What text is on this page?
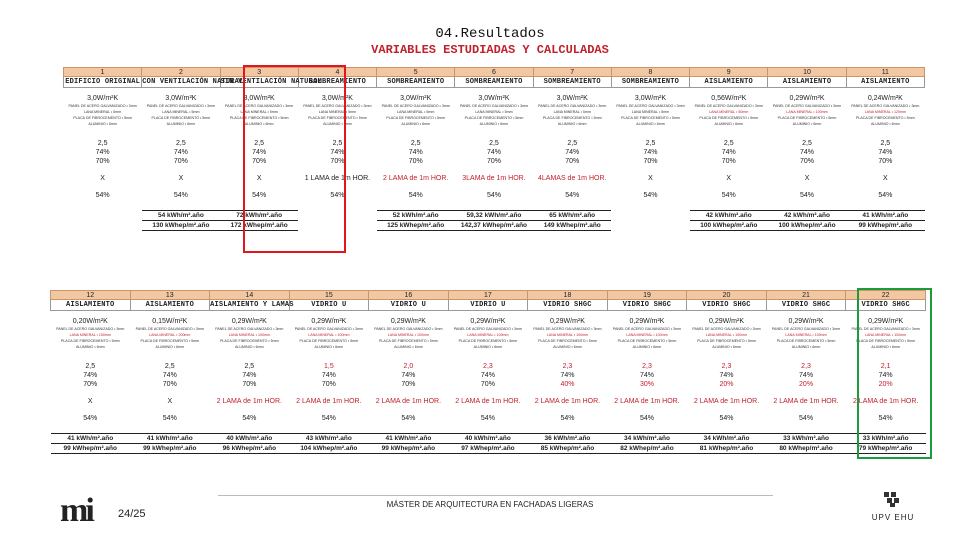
04.Resultados
VARIABLES ESTUDIADAS Y CALCULADAS
1	2	3	4	5	6	7	8	9	10	11
EDIFICIO ORIGINAL	CON VENTILACIÓN NATURAL	SIN VENTILACIÓN NATURAL	SOMBREAMIENTO	SOMBREAMIENTO	SOMBREAMIENTO	SOMBREAMIENTO	SOMBREAMIENTO	AISLAMIENTO	AISLAMIENTO	AISLAMIENTO

3,0W/m²K	3,0W/m²K	3,0W/m²K	3,0W/m²K	3,0W/m²K	3,0W/m²K	3,0W/m²K	3,0W/m²K	0,56W/m²K	0,29W/m²K	0,24W/m²K
PANEL DE ACERO GALVANIZADO • 3mm	PANEL DE ACERO GALVANIZADO • 3mm	PANEL DE ACERO GALVANIZADO • 3mm	PANEL DE ACERO GALVANIZADO • 3mm	PANEL DE ACERO GALVANIZADO • 3mm	PANEL DE ACERO GALVANIZADO • 3mm	PANEL DE ACERO GALVANIZADO • 3mm	PANEL DE ACERO GALVANIZADO • 3mm	PANEL DE ACERO GALVANIZADO • 3mm	PANEL DE ACERO GALVANIZADO • 3mm	PANEL DE ACERO GALVANIZADO • 3mm
LANA MINERAL • 5mm	LANA MINERAL • 5mm	LANA MINERAL • 5mm	LANA MINERAL • 5mm	LANA MINERAL • 5mm	LANA MINERAL • 5mm	LANA MINERAL • 5mm	LANA MINERAL • 5mm	LANA MINERAL • 50mm	LANA MINERAL • 100mm	LANA MINERAL • 120mm
PLACA DE FIBROCEMENTO • 5mm	PLACA DE FIBROCEMENTO • 5mm	PLACA DE FIBROCEMENTO • 5mm	PLACA DE FIBROCEMENTO • 5mm	PLACA DE FIBROCEMENTO • 5mm	PLACA DE FIBROCEMENTO • 5mm	PLACA DE FIBROCEMENTO • 5mm	PLACA DE FIBROCEMENTO • 5mm	PLACA DE FIBROCEMENTO • 5mm	PLACA DE FIBROCEMENTO • 5mm	PLACA DE FIBROCEMENTO • 5mm
ALUMINIO • 6mm	ALUMINIO • 6mm	ALUMINIO • 6mm	ALUMINIO • 6mm	ALUMINIO • 6mm	ALUMINIO • 6mm	ALUMINIO • 6mm	ALUMINIO • 6mm	ALUMINIO • 6mm	ALUMINIO • 6mm	ALUMINIO • 6mm

2,5	2,5	2,5	2,5	2,5	2,5	2,5	2,5	2,5	2,5	2,5
74%	74%	74%	74%	74%	74%	74%	74%	74%	74%	74%
70%	70%	70%	70%	70%	70%	70%	70%	70%	70%	70%

X	X	X	1 LAMA de 1m HOR.	2 LAMA de 1m HOR.	3LAMA de 1m HOR.	4LAMAS de 1m HOR.	X	X	X	X

54%	54%	54%	54%	54%	54%	54%	54%	54%	54%	54%

	54 kWh/m².año	72 kWh/m².año		52 kWh/m².año	59,32 kWh/m².año	65 kWh/m².año		42 kWh/m².año	42 kWh/m².año	41 kWh/m².año
	130 kWhep/m².año	172 kWhep/m².año		125 kWhep/m².año	142,37 kWhep/m².año	149 kWhep/m².año		100 kWhep/m².año	100 kWhep/m².año	99 kWhep/m².año
12	13	14	15	16	17	18	19	20	21	22
AISLAMIENTO	AISLAMIENTO	AISLAMIENTO Y LAMAS	VIDRIO U	VIDRIO U	VIDRIO U	VIDRIO SHGC	VIDRIO SHGC	VIDRIO SHGC	VIDRIO SHGC	VIDRIO SHGC

0,20W/m²K	0,15W/m²K	0,29W/m²K	0,29W/m²K	0,29W/m²K	0,29W/m²K	0,29W/m²K	0,29W/m²K	0,29W/m²K	0,29W/m²K	0,29W/m²K
PANEL DE ACERO GALVANIZADO • 3mm	PANEL DE ACERO GALVANIZADO • 3mm	PANEL DE ACERO GALVANIZADO • 3mm	PANEL DE ACERO GALVANIZADO • 3mm	PANEL DE ACERO GALVANIZADO • 3mm	PANEL DE ACERO GALVANIZADO • 3mm	PANEL DE ACERO GALVANIZADO • 3mm	PANEL DE ACERO GALVANIZADO • 3mm	PANEL DE ACERO GALVANIZADO • 3mm	PANEL DE ACERO GALVANIZADO • 3mm	PANEL DE ACERO GALVANIZADO • 3mm
LANA MINERAL • 150mm	LANA MINERAL • 200mm	LANA MINERAL • 100mm	LANA MINERAL • 100mm	LANA MINERAL • 100mm	LANA MINERAL • 100mm	LANA MINERAL • 100mm	LANA MINERAL • 100mm	LANA MINERAL • 100mm	LANA MINERAL • 100mm	LANA MINERAL • 100mm
PLACA DE FIBROCEMENTO • 5mm	PLACA DE FIBROCEMENTO • 5mm	PLACA DE FIBROCEMENTO • 5mm	PLACA DE FIBROCEMENTO • 5mm	PLACA DE FIBROCEMENTO • 5mm	PLACA DE FIBROCEMENTO • 5mm	PLACA DE FIBROCEMENTO • 5mm	PLACA DE FIBROCEMENTO • 5mm	PLACA DE FIBROCEMENTO • 5mm	PLACA DE FIBROCEMENTO • 5mm	PLACA DE FIBROCEMENTO • 5mm
ALUMINIO • 6mm	ALUMINIO • 6mm	ALUMINIO • 6mm	ALUMINIO • 6mm	ALUMINIO • 6mm	ALUMINIO • 6mm	ALUMINIO • 6mm	ALUMINIO • 6mm	ALUMINIO • 6mm	ALUMINIO • 6mm	ALUMINIO • 6mm

2,5	2,5	2,5	1,5	2,0	2,3	2,3	2,3	2,3	2,3	2,1
74%	74%	74%	74%	74%	74%	74%	74%	74%	74%	74%
70%	70%	70%	70%	70%	70%	40%	30%	20%	20%	20%

X	X	2 LAMA de 1m HOR.	2 LAMA de 1m HOR.	2 LAMA de 1m HOR.	2 LAMA de 1m HOR.	2 LAMA de 1m HOR.	2 LAMA de 1m HOR.	2 LAMA de 1m HOR.	2 LAMA de 1m HOR.	2 LAMA de 1m HOR.

54%	54%	54%	54%	54%	54%	54%	54%	54%	54%	54%

41 kWh/m².año	41 kWh/m².año	40 kWh/m².año	43 kWh/m².año	41 kWh/m².año	40 kWh/m².año	36 kWh/m².año	34 kWh/m².año	34 kWh/m².año	33 kWh/m².año	33 kWh/m².año
99 kWhep/m².año	99 kWhep/m².año	96 kWhep/m².año	104 kWhep/m².año	99 kWhep/m².año	97 kWhep/m².año	85 kWhep/m².año	82 kWhep/m².año	81 kWhep/m².año	80 kWhep/m².año	79 kWhep/m².año
mi 24/25
MÁSTER DE ARQUITECTURA EN FACHADAS LIGERAS
UPV EHU
